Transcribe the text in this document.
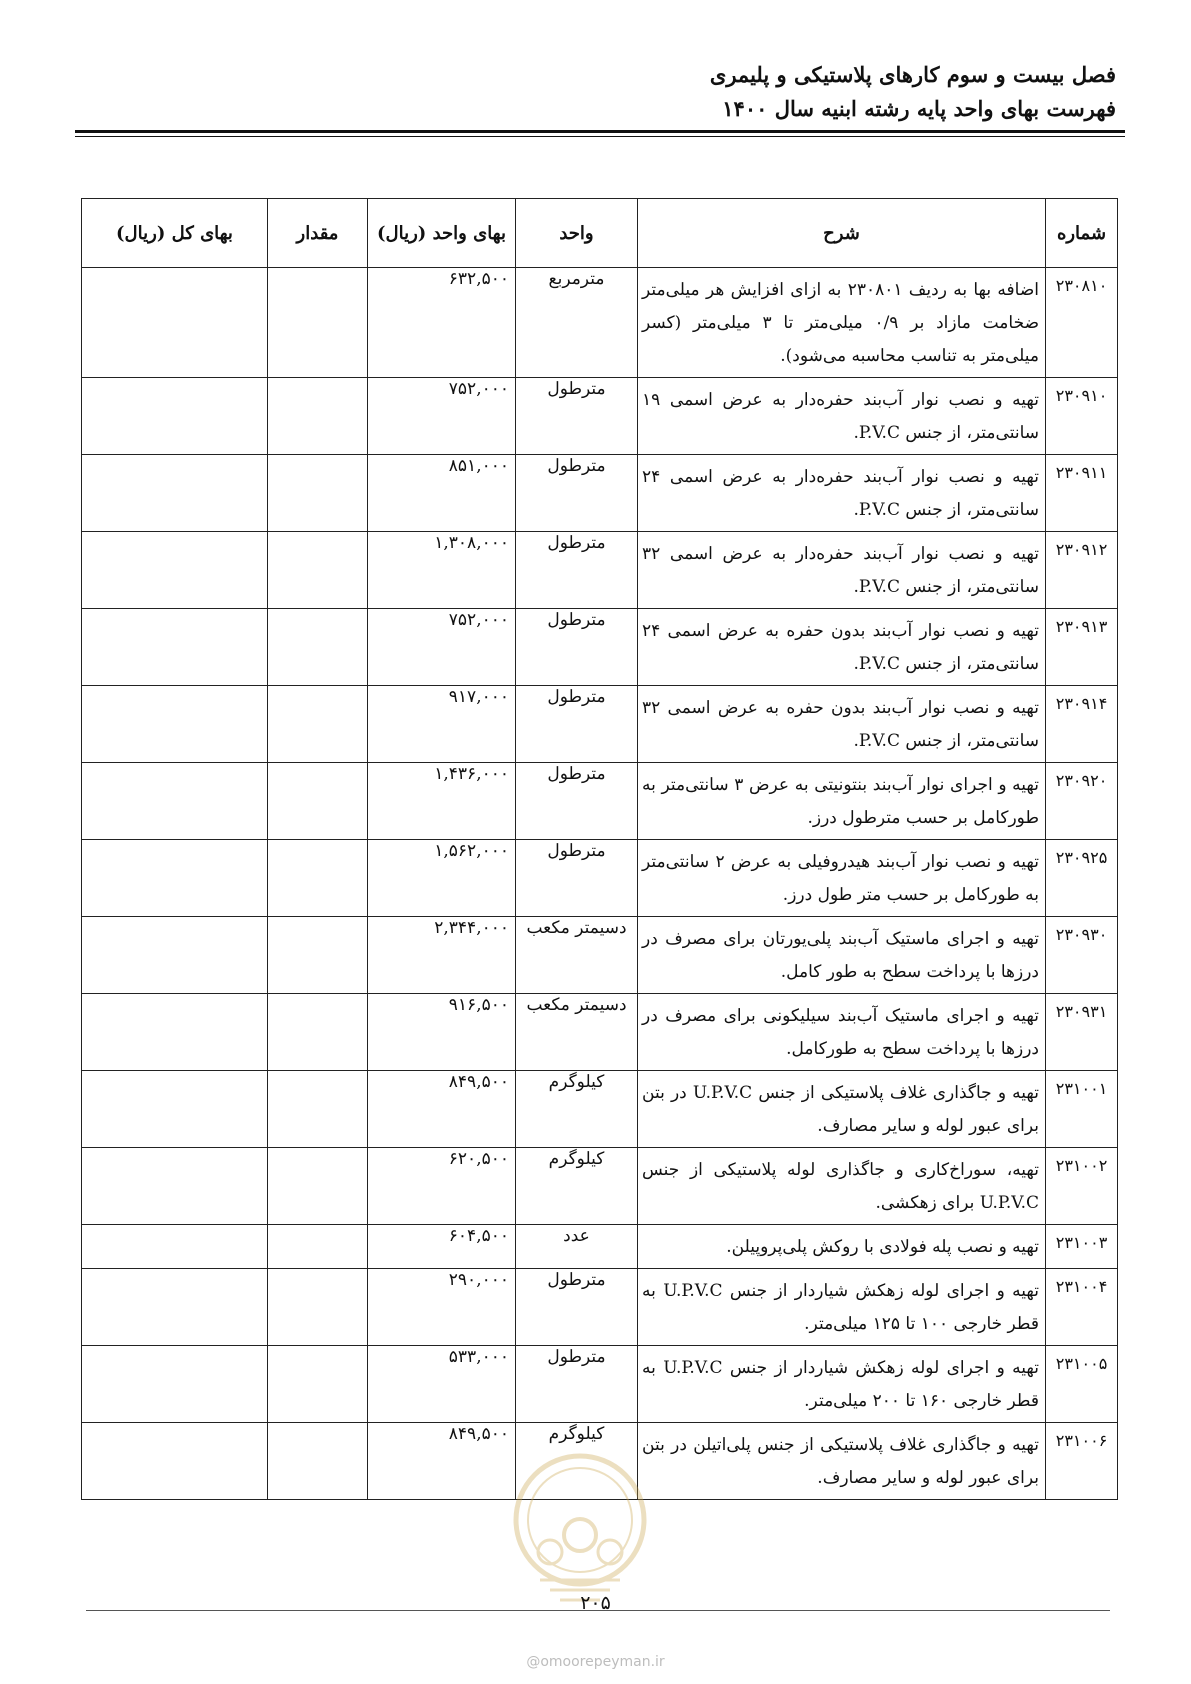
فصل بیست و سوم کارهای پلاستیکی و پلیمری
فهرست بهای واحد پایه رشته ابنیه سال ۱۴۰۰
شماره	شرح	واحد	بهای واحد (ریال)	مقدار	بهای کل (ریال)
۲۳۰۸۱۰	اضافه بها به ردیف ۲۳۰۸۰۱ به ازای افزایش هر میلی‌متر ضخامت مازاد بر ۰/۹ میلی‌متر تا ۳ میلی‌متر (کسر میلی‌متر به تناسب محاسبه می‌شود).	مترمربع	۶۳۲,۵۰۰		
۲۳۰۹۱۰	تهیه و نصب نوار آب‌بند حفره‌دار به عرض اسمی ۱۹ سانتی‌متر، از جنس P.V.C.	مترطول	۷۵۲,۰۰۰		
۲۳۰۹۱۱	تهیه و نصب نوار آب‌بند حفره‌دار به عرض اسمی ۲۴ سانتی‌متر، از جنس P.V.C.	مترطول	۸۵۱,۰۰۰		
۲۳۰۹۱۲	تهیه و نصب نوار آب‌بند حفره‌دار به عرض اسمی ۳۲ سانتی‌متر، از جنس P.V.C.	مترطول	۱,۳۰۸,۰۰۰		
۲۳۰۹۱۳	تهیه و نصب نوار آب‌بند بدون حفره به عرض اسمی ۲۴ سانتی‌متر، از جنس P.V.C.	مترطول	۷۵۲,۰۰۰		
۲۳۰۹۱۴	تهیه و نصب نوار آب‌بند بدون حفره به عرض اسمی ۳۲ سانتی‌متر، از جنس P.V.C.	مترطول	۹۱۷,۰۰۰		
۲۳۰۹۲۰	تهیه و اجرای نوار آب‌بند بنتونیتی به عرض ۳ سانتی‌متر به طورکامل بر حسب مترطول درز.	مترطول	۱,۴۳۶,۰۰۰		
۲۳۰۹۲۵	تهیه و نصب نوار آب‌بند هیدروفیلی به عرض ۲ سانتی‌متر به طورکامل بر حسب متر طول درز.	مترطول	۱,۵۶۲,۰۰۰		
۲۳۰۹۳۰	تهیه و اجرای ماستیک آب‌بند پلی‌یورتان برای مصرف در درزها با پرداخت سطح به طور کامل.	دسیمتر مکعب	۲,۳۴۴,۰۰۰		
۲۳۰۹۳۱	تهیه و اجرای ماستیک آب‌بند سیلیکونی برای مصرف در درزها با پرداخت سطح به طورکامل.	دسیمتر مکعب	۹۱۶,۵۰۰		
۲۳۱۰۰۱	تهیه و جاگذاری غلاف پلاستیکی از جنس U.P.V.C در بتن برای عبور لوله و سایر مصارف.	کیلوگرم	۸۴۹,۵۰۰		
۲۳۱۰۰۲	تهیه، سوراخ‌کاری و جاگذاری لوله پلاستیکی از جنس U.P.V.C برای زهکشی.	کیلوگرم	۶۲۰,۵۰۰		
۲۳۱۰۰۳	تهیه و نصب پله فولادی با روکش پلی‌پروپیلن.	عدد	۶۰۴,۵۰۰		
۲۳۱۰۰۴	تهیه و اجرای لوله زهکش شیاردار از جنس U.P.V.C به قطر خارجی ۱۰۰ تا ۱۲۵ میلی‌متر.	مترطول	۲۹۰,۰۰۰		
۲۳۱۰۰۵	تهیه و اجرای لوله زهکش شیاردار از جنس U.P.V.C به قطر خارجی ۱۶۰ تا ۲۰۰ میلی‌متر.	مترطول	۵۳۳,۰۰۰		
۲۳۱۰۰۶	تهیه و جاگذاری غلاف پلاستیکی از جنس پلی‌اتیلن در بتن برای عبور لوله و سایر مصارف.	کیلوگرم	۸۴۹,۵۰۰		
۲۰۵
@omoorepeyman.ir
